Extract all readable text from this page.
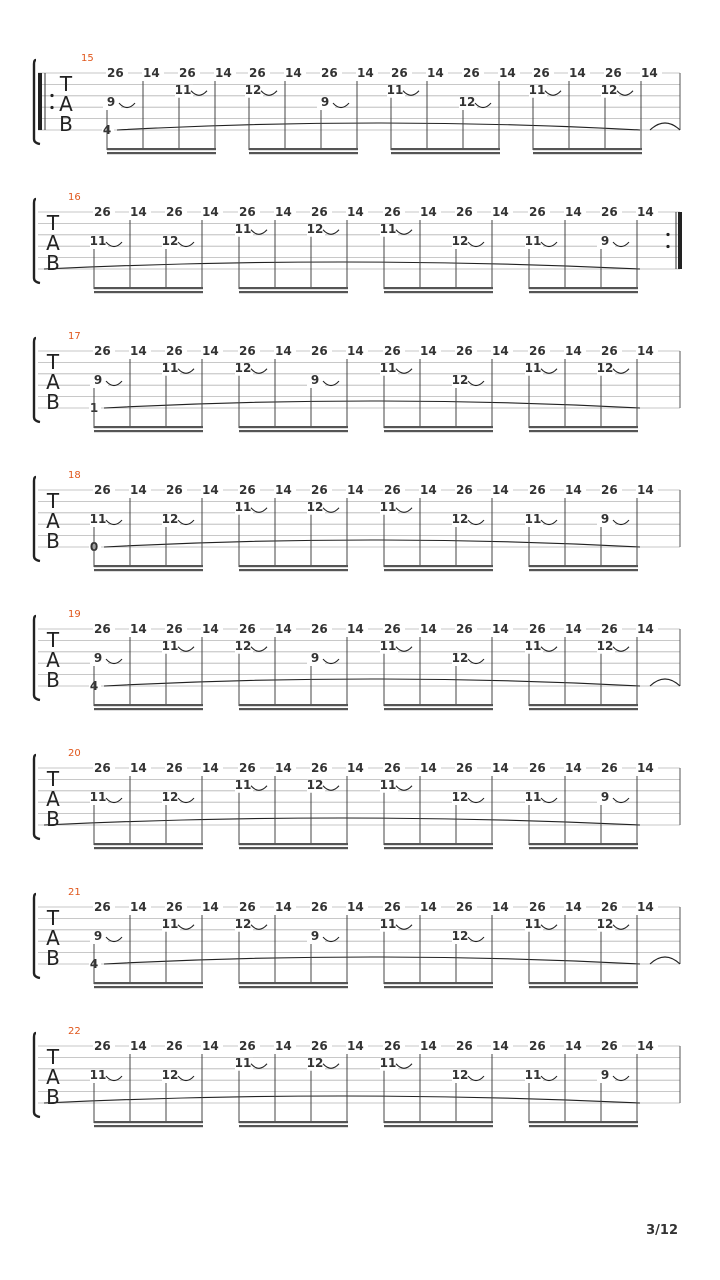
T
A
B
15
26 14 26 14 26 14 26 14 26 14 26 14 26 14 26 14
9
11	12
9
11
12
11	12
4
T
A
B
16
26 14 26 14 26 14 26 14 26 14 26 14 26 14 26 14
11	12
11	12	11
12	11	9
T
A
B
17
26 14 26 14 26 14 26 14 26 14 26 14 26 14 26 14
9
11	12
9
11
12
11	12
1
T
A
B
18
26 14 26 14 26 14 26 14 26 14 26 14 26 14 26 14
11	12
11	12	11
12	11	9
0
T
A
B
19
26 14 26 14 26 14 26 14 26 14 26 14 26 14 26 14
9
11	12
9
11
12
11	12
4
T
A
B
20
26 14 26 14 26 14 26 14 26 14 26 14 26 14 26 14
11	12
11	12	11
12	11	9
T
A
B
21
26 14 26 14 26 14 26 14 26 14 26 14 26 14 26 14
9
11	12
9
11
12
11	12
4
T
A
B
22
26 14 26 14 26 14 26 14 26 14 26 14 26 14 26 14
11	12
11	12	11
12	11	9
3/12
